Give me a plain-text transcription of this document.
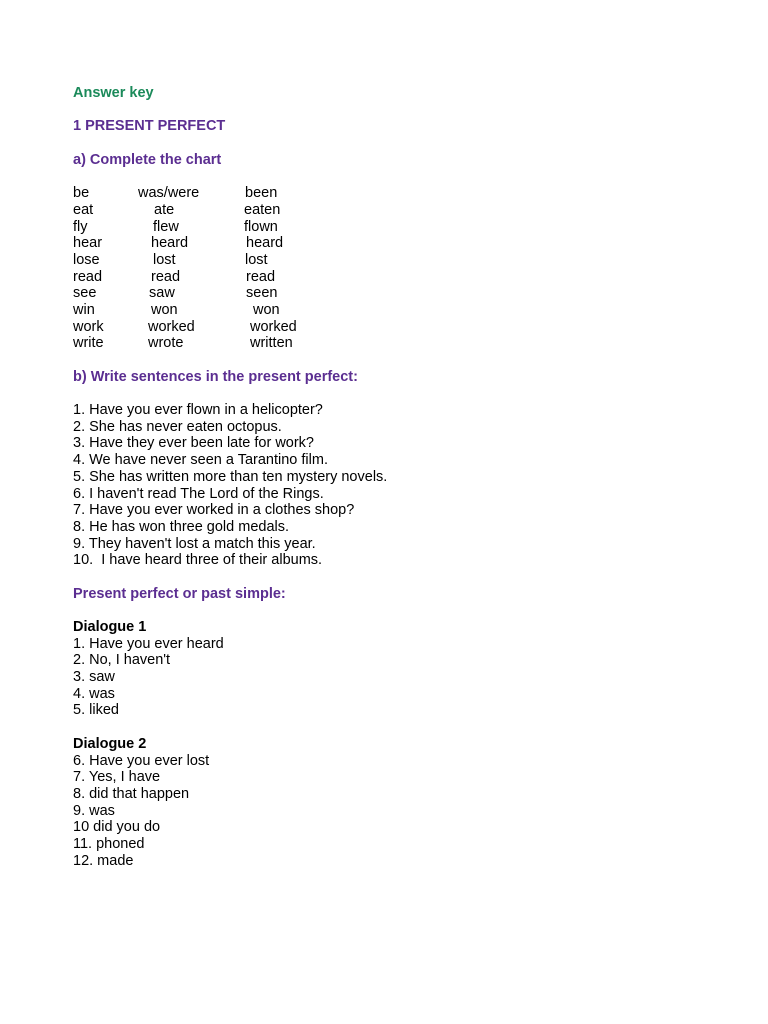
Answer key
1 PRESENT PERFECT
a) Complete the chart
be	was/were	been
eat	ate	eaten
fly	flew	flown
hear	heard	heard
lose	lost	lost
read	read	read
see	saw	seen
win	won	won
work	worked	worked
write	wrote	written
b) Write sentences in the present perfect:
1. Have you ever flown in a helicopter?
2. She has never eaten octopus.
3. Have they ever been late for work?
4. We have never seen a Tarantino film.
5. She has written more than ten mystery novels.
6. I haven't read The Lord of the Rings.
7. Have you ever worked in a clothes shop?
8. He has won three gold medals.
9. They haven't lost a match this year.
10.  I have heard three of their albums.
Present perfect or past simple:
Dialogue 1
1. Have you ever heard
2. No, I haven't
3. saw
4. was
5. liked
Dialogue 2
6. Have you ever lost
7. Yes, I have
8. did that happen
9. was
10 did you do
11. phoned
12. made
